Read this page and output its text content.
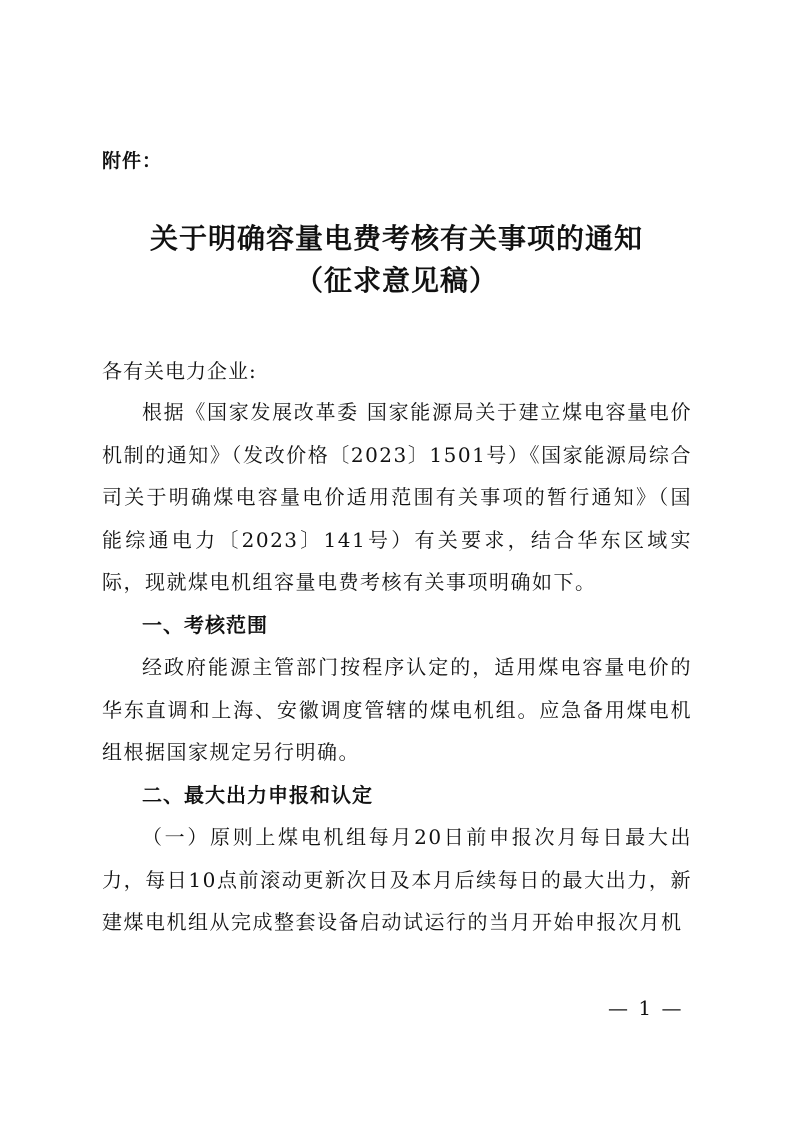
附件：
关于明确容量电费考核有关事项的通知
（征求意见稿）
各有关电力企业:

根据《国家发展改革委 国家能源局关于建立煤电容量电价机制的通知》（发改价格〔2023〕1501号）《国家能源局综合司关于明确煤电容量电价适用范围有关事项的暂行通知》（国能综通电力〔2023〕141号）有关要求，结合华东区域实际，现就煤电机组容量电费考核有关事项明确如下。

一、考核范围

经政府能源主管部门按程序认定的，适用煤电容量电价的华东直调和上海、安徽调度管辖的煤电机组。应急备用煤电机组根据国家规定另行明确。

二、最大出力申报和认定

（一）原则上煤电机组每月20日前申报次月每日最大出力，每日10点前滚动更新次日及本月后续每日的最大出力，新建煤电机组从完成整套设备启动试运行的当月开始申报次月机

— 1 —
